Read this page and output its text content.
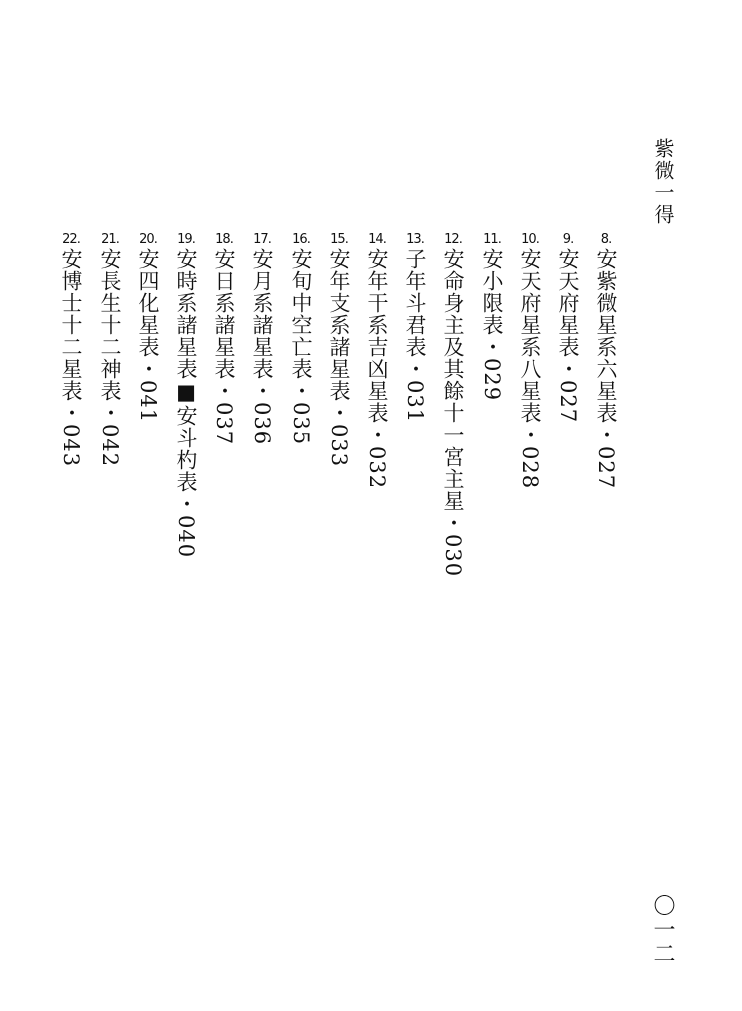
紫微一得
8.
安紫微星系六星表・027
9.
安天府星表・027
10.
安天府星系八星表・028
11.
安小限表・029
12.
安命身主及其餘十一宮主星・030
13.
子年斗君表・031
14.
安年干系吉凶星表・032
15.
安年支系諸星表・033
16.
安旬中空亡表・035
17.
安月系諸星表・036
18.
安日系諸星表・037
19.
安時系諸星表■安斗杓表・040
20.
安四化星表・041
21.
安長生十二神表・042
22.
安博士十二星表・043
〇一二
